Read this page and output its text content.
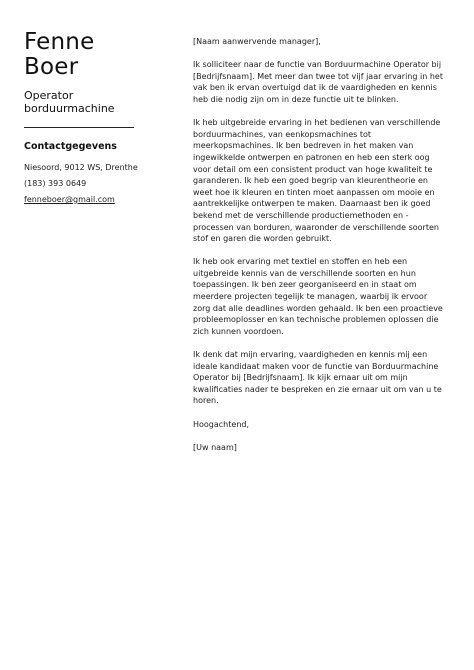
Fenne
Boer
Operator borduurmachine
Contactgegevens
Niesoord, 9012 WS, Drenthe
(183) 393 0649
fenneboer@gmail.com

[Naam aanwervende manager],

Ik solliciteer naar de functie van Borduurmachine Operator bij [Bedrijfsnaam]. Met meer dan twee tot vijf jaar ervaring in het vak ben ik ervan overtuigd dat ik de vaardigheden en kennis heb die nodig zijn om in deze functie uit te blinken.

Ik heb uitgebreide ervaring in het bedienen van verschillende borduurmachines, van eenkopsmachines tot meerkopsmachines. Ik ben bedreven in het maken van ingewikkelde ontwerpen en patronen en heb een sterk oog voor detail om een consistent product van hoge kwaliteit te garanderen. Ik heb een goed begrip van kleurentheorie en weet hoe ik kleuren en tinten moet aanpassen om mooie en aantrekkelijke ontwerpen te maken. Daarnaast ben ik goed bekend met de verschillende productiemethoden en -processen van borduren, waaronder de verschillende soorten stof en garen die worden gebruikt.

Ik heb ook ervaring met textiel en stoffen en heb een uitgebreide kennis van de verschillende soorten en hun toepassingen. Ik ben zeer georganiseerd en in staat om meerdere projecten tegelijk te managen, waarbij ik ervoor zorg dat alle deadlines worden gehaald. Ik ben een proactieve probleemoplosser en kan technische problemen oplossen die zich kunnen voordoen.

Ik denk dat mijn ervaring, vaardigheden en kennis mij een ideale kandidaat maken voor de functie van Borduurmachine Operator bij [Bedrijfsnaam]. Ik kijk ernaar uit om mijn kwalificaties nader te bespreken en zie ernaar uit om van u te horen.

Hoogachtend,

[Uw naam]
